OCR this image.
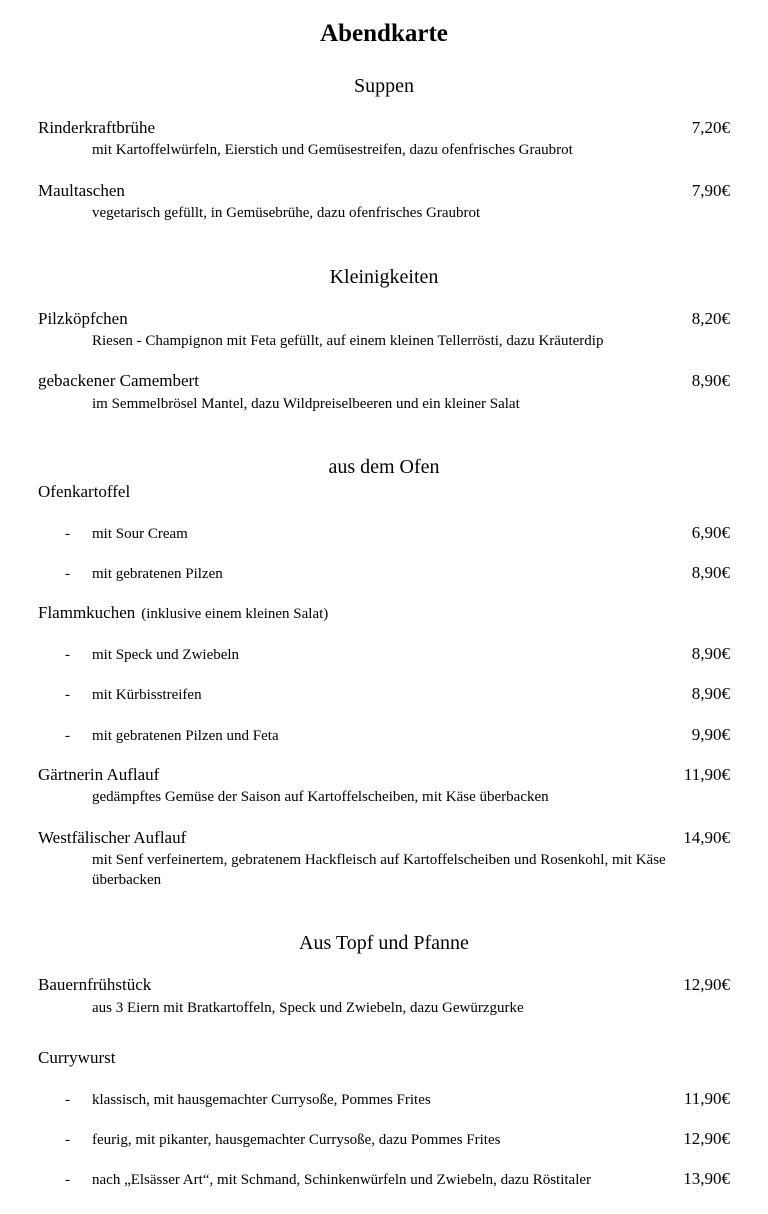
Abendkarte
Suppen
Rinderkraftbrühe	7,20€
mit Kartoffelwürfeln, Eierstich und Gemüsestreifen, dazu ofenfrisches Graubrot
Maultaschen	7,90€
vegetarisch gefüllt, in Gemüsebrühe, dazu ofenfrisches Graubrot
Kleinigkeiten
Pilzköpfchen	8,20€
Riesen - Champignon mit Feta gefüllt, auf einem kleinen Tellerrösti, dazu Kräuterdip
gebackener Camembert	8,90€
im Semmelbrösel Mantel, dazu Wildpreiselbeeren und ein kleiner Salat
aus dem Ofen
Ofenkartoffel
-	mit Sour Cream	6,90€
-	mit gebratenen Pilzen	8,90€
Flammkuchen (inklusive einem kleinen Salat)
-	mit Speck und Zwiebeln	8,90€
-	mit Kürbisstreifen	8,90€
-	mit gebratenen Pilzen und Feta	9,90€
Gärtnerin Auflauf	11,90€
gedämpftes Gemüse der Saison auf Kartoffelscheiben, mit Käse überbacken
Westfälischer Auflauf	14,90€
mit Senf verfeinertem, gebratenem Hackfleisch auf Kartoffelscheiben und Rosenkohl, mit Käse überbacken
Aus Topf und Pfanne
Bauernfrühstück	12,90€
aus 3 Eiern mit Bratkartoffeln, Speck und Zwiebeln, dazu Gewürzgurke
Currywurst
-	klassisch, mit hausgemachter Currysoße, Pommes Frites	11,90€
-	feurig, mit pikanter, hausgemachter Currysoße, dazu Pommes Frites	12,90€
-	nach „Elsässer Art“, mit Schmand, Schinkenwürfeln und Zwiebeln, dazu Röstitaler	13,90€
